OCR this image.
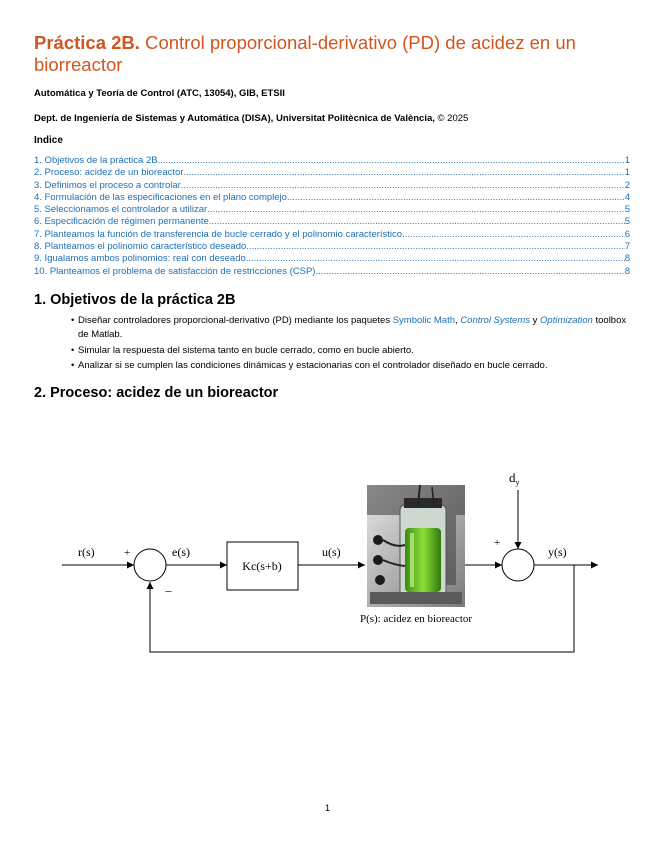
Práctica 2B. Control proporcional-derivativo (PD) de acidez en un biorreactor
Automática y Teoría de Control (ATC, 13054), GIB, ETSII
Dept. de Ingeniería de Sistemas y Automática (DISA), Universitat Politècnica de València, © 2025
Indice
1. Objetivos de la práctica 2B .....	1
2. Proceso: acidez de un bioreactor .....	1
3. Definimos el proceso a controlar .....	2
4. Formulación de las especificaciones en el plano complejo .....	4
5. Seleccionamos el controlador a utilizar .....	5
6. Especificación de régimen permanente .....	5
7. Planteamos la función de transferencia de bucle cerrado y el polinomio característico .....	6
8. Planteamos el polinomio característico deseado .....	7
9. Igualamos ambos polinomios: real con deseado .....	8
10. Planteamos el problema de satisfacción de restricciones (CSP) .....	8
1. Objetivos de la práctica 2B
• Diseñar controladores proporcional-derivativo (PD) mediante los paquetes Symbolic Math, Control Systems y Optimization toolbox de Matlab.
• Simular la respuesta del sistema tanto en bucle cerrado, como en bucle abierto.
• Analizar si se cumplen las condiciones dinámicas y estacionarias con el controlador diseñado en bucle cerrado.
2. Proceso: acidez de un bioreactor
Kc(s+b)
P(s): acidez en bioreactor
r(s)	+
−
e(s)	u(s)
+
$d_y$
y(s)
1
